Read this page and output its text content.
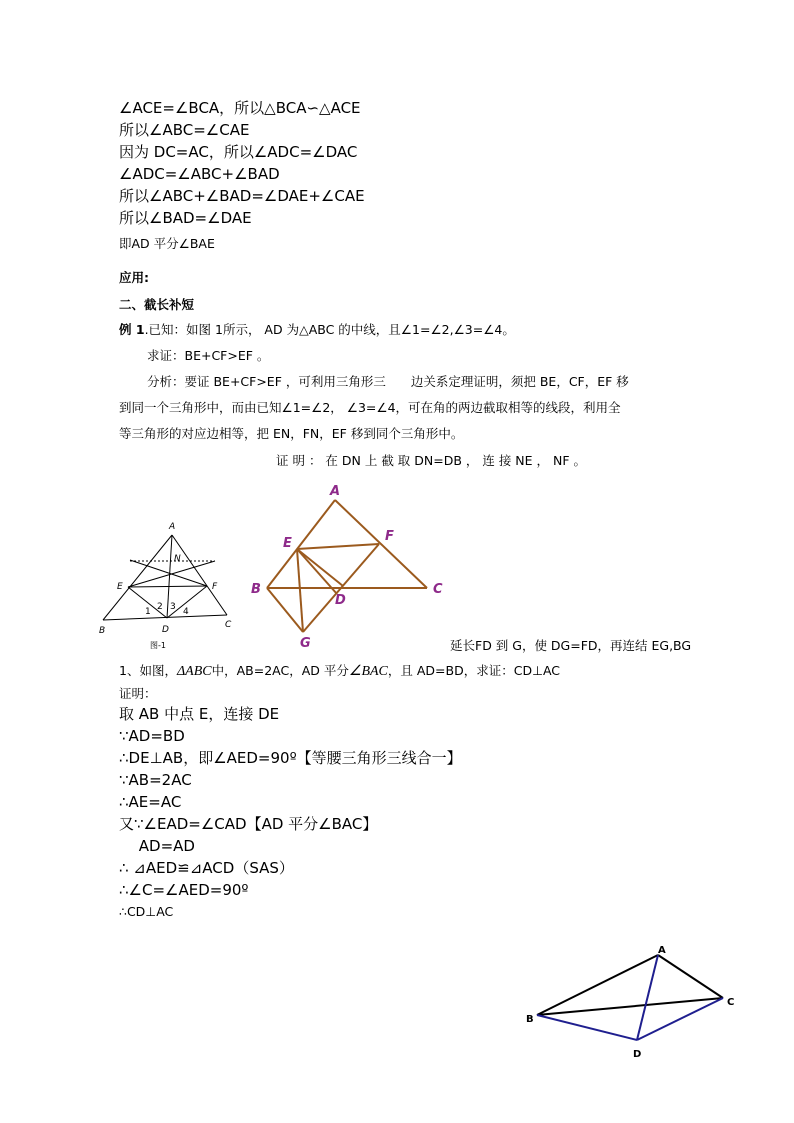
∠ACE=∠BCA，所以△BCA∽△ACE
所以∠ABC=∠CAE
因为 DC=AC，所以∠ADC=∠DAC
∠ADC=∠ABC+∠BAD
所以∠ABC+∠BAD=∠DAE+∠CAE
所以∠BAD=∠DAE
即AD 平分∠BAE
应用:
二、截长补短
例 1.已知：如图 1所示， AD 为△ABC 的中线，且∠1=∠2,∠3=∠4。
求证：BE+CF>EF 。
分析：要证 BE+CF>EF ，可利用三角形三　　边关系定理证明，须把 BE，CF，EF 移
到同一个三角形中，而由已知∠1=∠2， ∠3=∠4，可在角的两边截取相等的线段，利用全
等三角形的对应边相等，把 EN，FN，EF 移到同个三角形中。
证 明 ： 在 DN 上 截 取 DN=DB ， 连 接 NE ， NF 。
A
N
E	F
B
C
D
1 2 3 4
图-1
A
E	F
B	C
D
G	延长FD 到 G，使 DG=FD，再连结 EG,BG
1、如图，ΔABC中，AB=2AC，AD 平分∠BAC，且 AD=BD，求证：CD⊥AC
证明：
取 AB 中点 E，连接 DE
∵AD=BD
∴DE⊥AB，即∠AED=90º【等腰三角形三线合一】
∵AB=2AC
∴AE=AC
又∵∠EAD=∠CAD【AD 平分∠BAC】
　 AD=AD
∴ ⊿AED≌⊿ACD（SAS）
∴∠C=∠AED=90º
∴CD⊥AC
A
B
C
D
